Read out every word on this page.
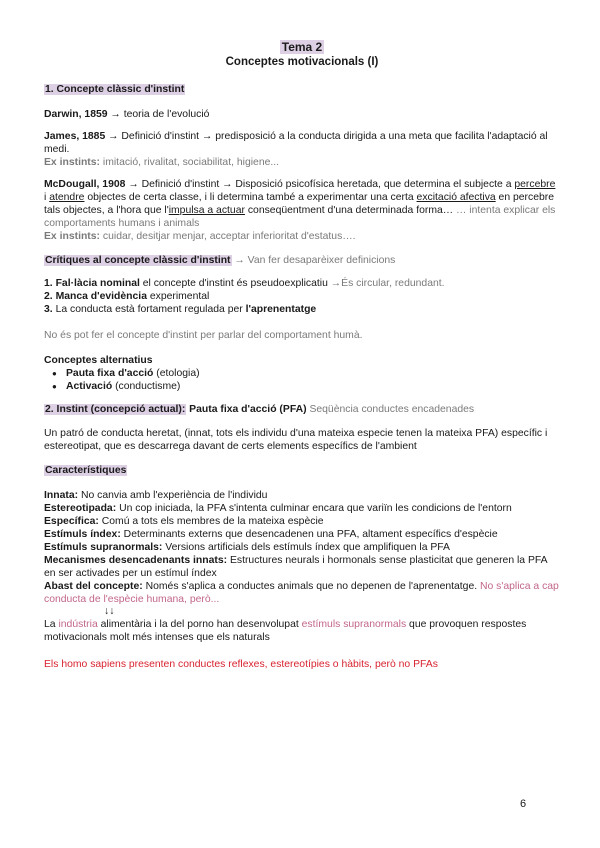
Tema 2
Conceptes motivacionals (I)
1. Concepte clàssic d'instint

Darwin, 1859 → teoria de l'evolució

James, 1885 → Definició d'instint → predisposició a la conducta dirigida a una meta que facilita l'adaptació al medi.

Ex instints: imitació, rivalitat, sociabilitat, higiene...

McDougall, 1908 → Definició d'instint → Disposició psicofísica heretada, que determina el subjecte a percebre i atendre objectes de certa classe, i li determina també a experimentar una certa excitació afectiva en percebre tals objectes, a l'hora que l'impulsa a actuar conseqüentment d'una determinada forma… … intenta explicar els comportaments humans i animals

Ex instints: cuidar, desitjar menjar, acceptar inferioritat d'estatus….

Crítiques al concepte clàssic d'instint → Van fer desaparèixer definicions

1. Fal·làcia nominal el concepte d'instint és pseudoexplicatiu →És circular, redundant.

2. Manca d'evidència experimental

3. La conducta està fortament regulada per l'aprenentatge

No és pot fer el concepte d'instint per parlar del comportament humà.

Conceptes alternatius
● Pauta fixa d'acció (etologia)
● Activació (conductisme)
2. Instint (concepció actual): Pauta fixa d'acció (PFA) Seqüència conductes encadenades

Un patró de conducta heretat, (innat, tots els individu d'una mateixa especie tenen la mateixa PFA) específic i estereotipat, que es descarrega davant de certs elements específics de l'ambient

Característiques

Innata: No canvia amb l'experiència de l'individu

Estereotipada: Un cop iniciada, la PFA s'intenta culminar encara que variïn les condicions de l'entorn

Específica: Comú a tots els membres de la mateixa espècie

Estímuls índex: Determinants externs que desencadenen una PFA, altament específics d'espècie

Estímuls supranormals: Versions artificials dels estímuls índex que amplifiquen la PFA

Mecanismes desencadenants innats: Estructures neurals i hormonals sense plasticitat que generen la PFA en ser activades per un estímul índex

Abast del concepte: Només s'aplica a conductes animals que no depenen de l'aprenentatge. No s'aplica a cap conducta de l'espècie humana, però...

↓↓

La indústria alimentària i la del porno han desenvolupat estímuls supranormals que provoquen respostes motivacionals molt més intenses que els naturals

Els homo sapiens presenten conductes reflexes, estereotípies o hàbits, però no PFAs

6
